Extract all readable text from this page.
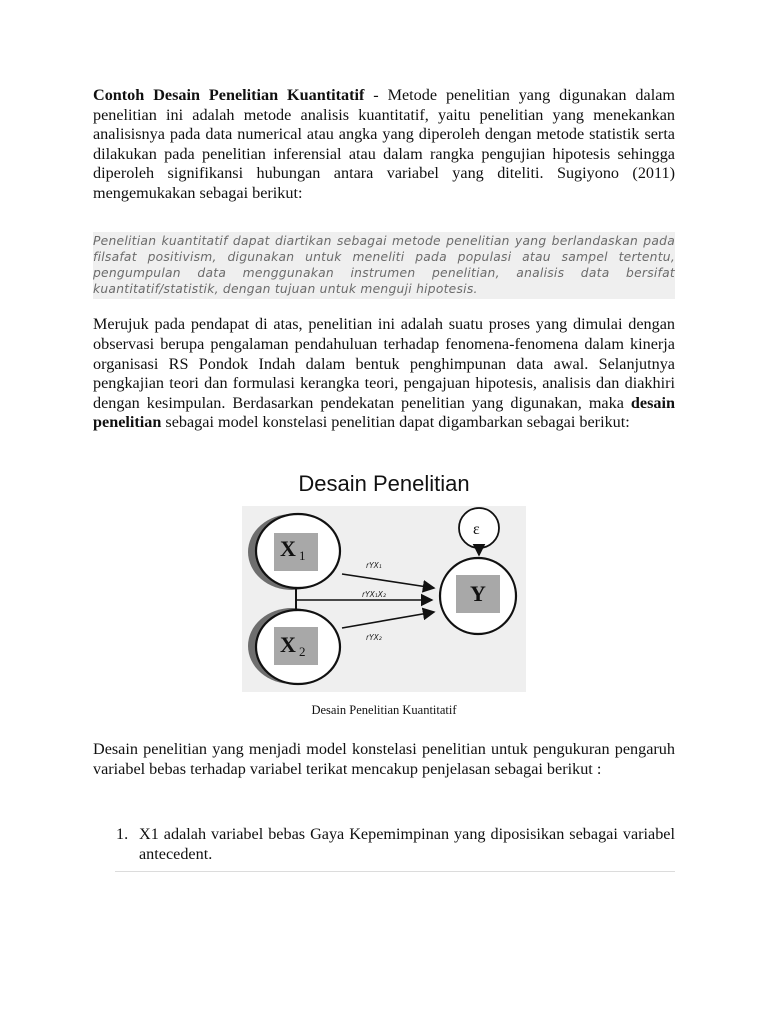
Contoh Desain Penelitian Kuantitatif - Metode penelitian yang digunakan dalam penelitian ini adalah metode analisis kuantitatif, yaitu penelitian yang menekankan analisisnya pada data numerical atau angka yang diperoleh dengan metode statistik serta dilakukan pada penelitian inferensial atau dalam rangka pengujian hipotesis sehingga diperoleh signifikansi hubungan antara variabel yang diteliti. Sugiyono (2011) mengemukakan sebagai berikut:

Penelitian kuantitatif dapat diartikan sebagai metode penelitian yang berlandaskan pada filsafat positivism, digunakan untuk meneliti pada populasi atau sampel tertentu, pengumpulan data menggunakan instrumen penelitian, analisis data bersifat kuantitatif/statistik, dengan tujuan untuk menguji hipotesis.

Merujuk pada pendapat di atas, penelitian ini adalah suatu proses yang dimulai dengan observasi berupa pengalaman pendahuluan terhadap fenomena-fenomena dalam kinerja organisasi RS Pondok Indah dalam bentuk penghimpunan data awal. Selanjutnya pengkajian teori dan formulasi kerangka teori, pengajuan hipotesis, analisis dan diakhiri dengan kesimpulan. Berdasarkan pendekatan penelitian yang digunakan, maka desain penelitian sebagai model konstelasi penelitian dapat digambarkan sebagai berikut:

Desain Penelitian
X 1
X 2
Y
ε
rYX₁
rYX₁X₂
rYX₂
Desain Penelitian Kuantitatif

Desain penelitian yang menjadi model konstelasi penelitian untuk pengukuran pengaruh variabel bebas terhadap variabel terikat mencakup penjelasan sebagai berikut :

1. X1 adalah variabel bebas Gaya Kepemimpinan yang diposisikan sebagai variabel antecedent.
